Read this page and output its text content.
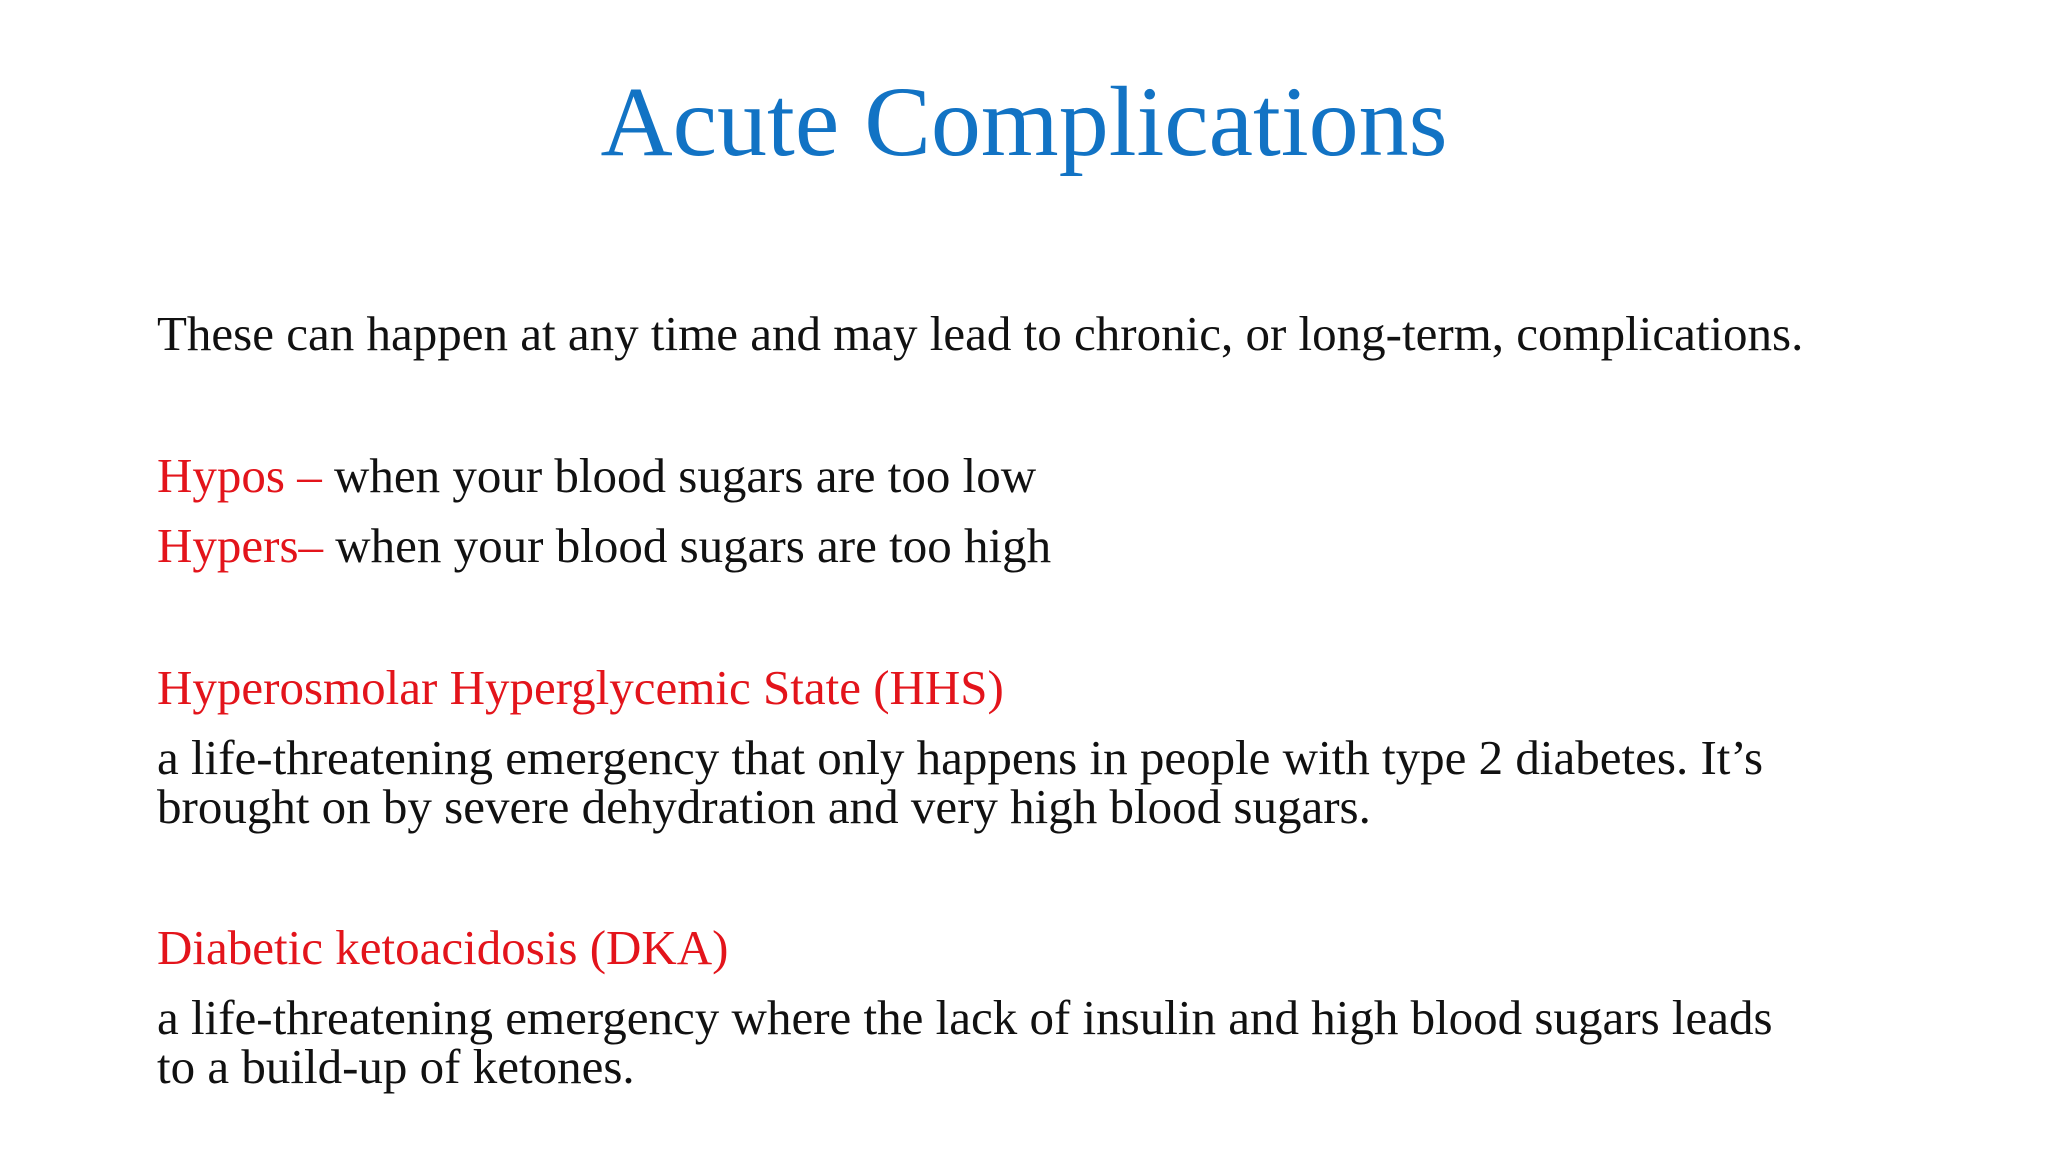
Acute Complications
These can happen at any time and may lead to chronic, or long-term, complications.
Hypos – when your blood sugars are too low
Hypers– when your blood sugars are too high
Hyperosmolar Hyperglycemic State (HHS)
a life-threatening emergency that only happens in people with type 2 diabetes. It’s
brought on by severe dehydration and very high blood sugars.
Diabetic ketoacidosis (DKA)
a life-threatening emergency where the lack of insulin and high blood sugars leads
to a build-up of ketones.
